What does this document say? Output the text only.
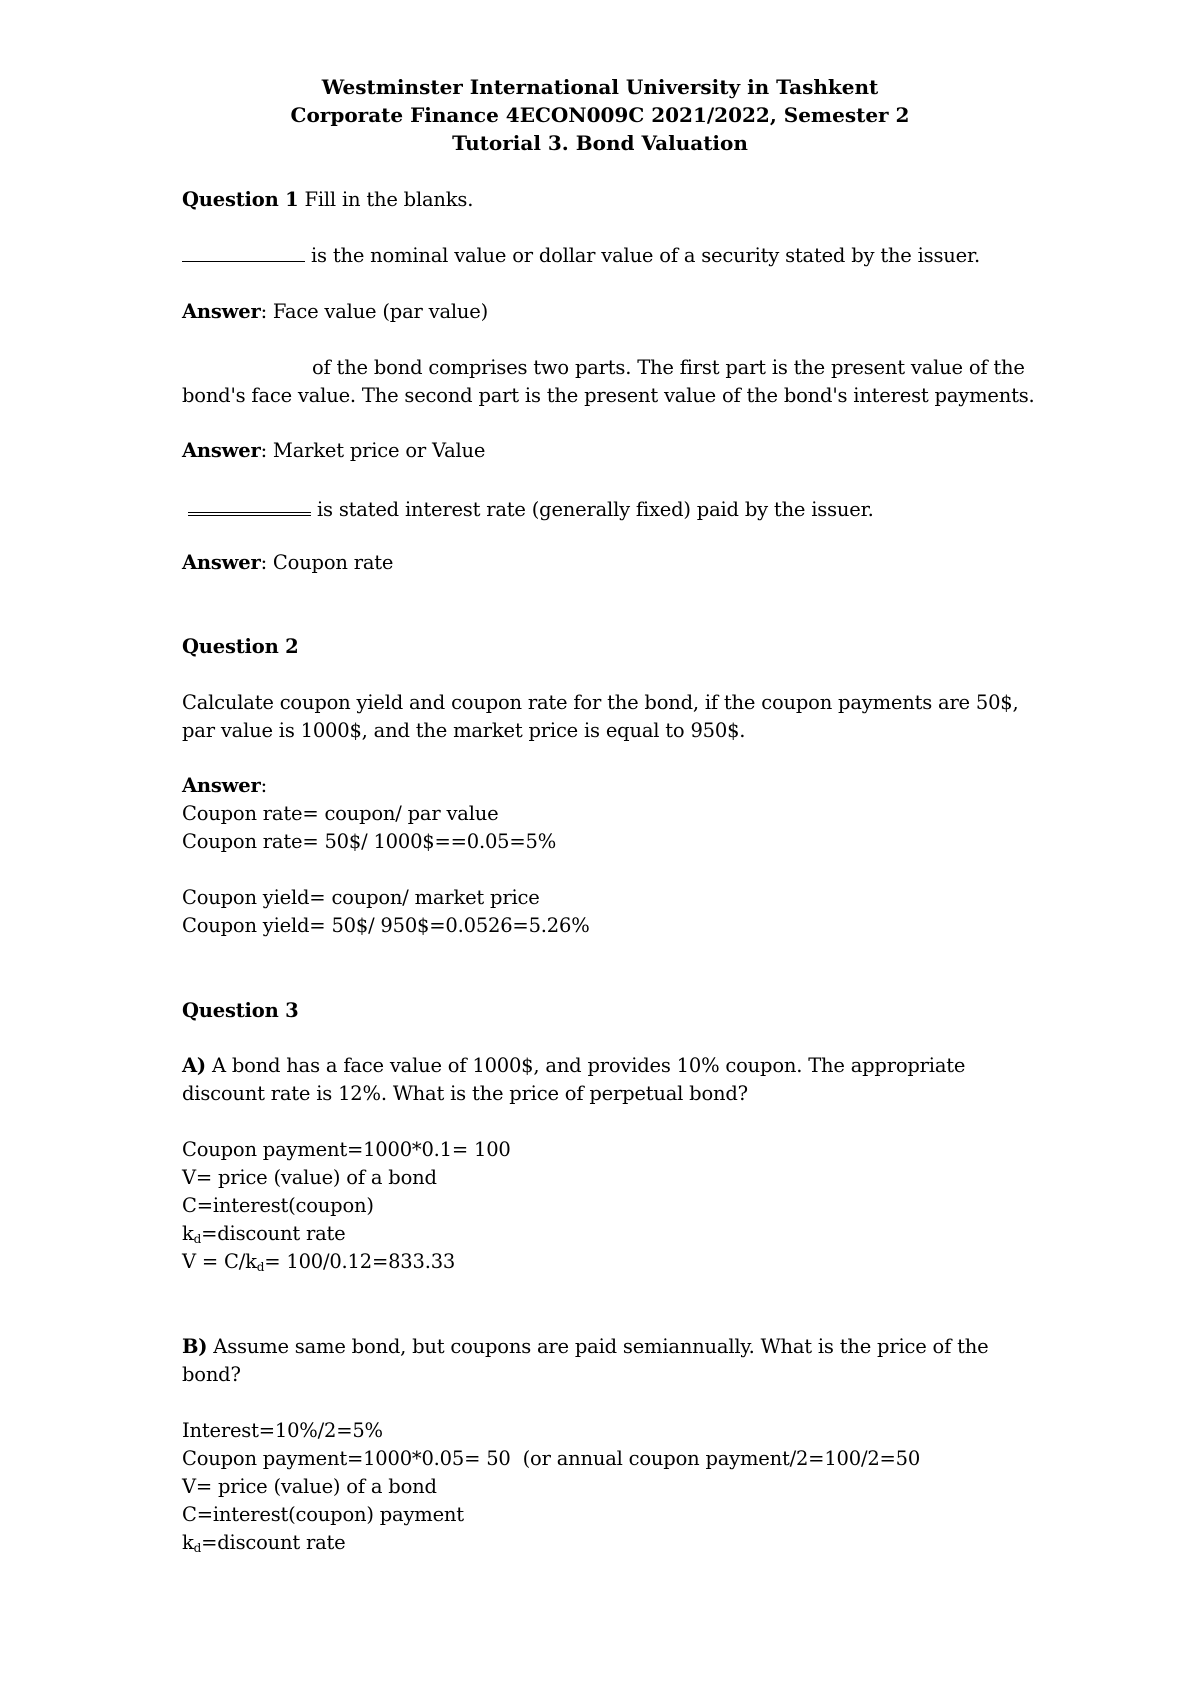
Westminster International University in Tashkent
Corporate Finance 4ECON009C 2021/2022, Semester 2
Tutorial 3. Bond Valuation
Question 1 Fill in the blanks.
is the nominal value or dollar value of a security stated by the issuer.
Answer: Face value (par value)
of the bond comprises two parts. The first part is the present value of the
bond's face value. The second part is the present value of the bond's interest payments.
Answer: Market price or Value
is stated interest rate (generally fixed) paid by the issuer.
Answer: Coupon rate
Question 2
Calculate coupon yield and coupon rate for the bond, if the coupon payments are 50$,
par value is 1000$, and the market price is equal to 950$.
Answer:
Coupon rate= coupon/ par value
Coupon rate= 50$/ 1000$==0.05=5%
Coupon yield= coupon/ market price
Coupon yield= 50$/ 950$=0.0526=5.26%
Question 3
A) A bond has a face value of 1000$, and provides 10% coupon. The appropriate
discount rate is 12%. What is the price of perpetual bond?
Coupon payment=1000*0.1= 100
V= price (value) of a bond
C=interest(coupon)
$k_d=discount$ rate
$V = C/k_d= 100/0.12=833.33$
B) Assume same bond, but coupons are paid semiannually. What is the price of the
bond?
Interest=10%/2=5%
Coupon payment=1000*0.05= 50  (or annual coupon payment/2=100/2=50
V= price (value) of a bond
C=interest(coupon) payment
$k_d=discount$ rate
